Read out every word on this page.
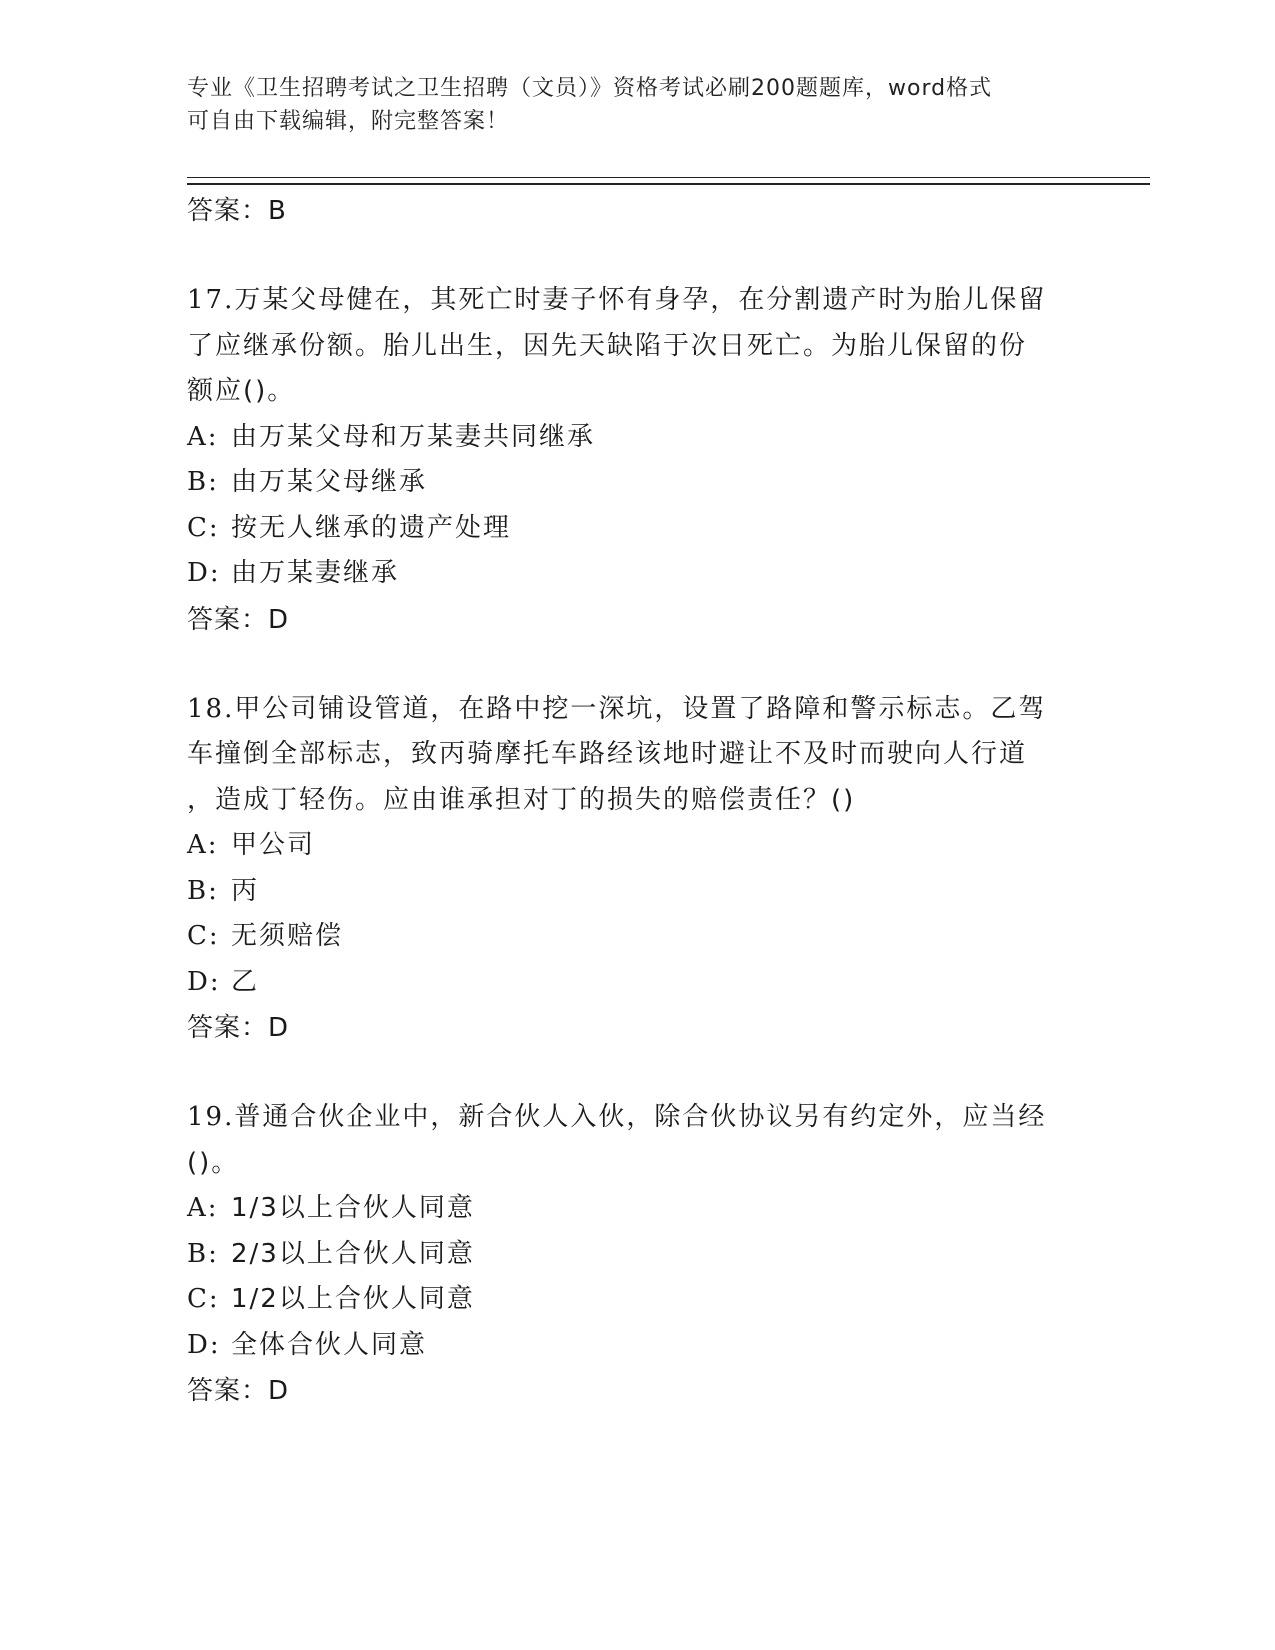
专业《卫生招聘考试之卫生招聘（文员）》资格考试必刷200题题库，word格式
可自由下载编辑，附完整答案！
答案：B
17.万某父母健在，其死亡时妻子怀有身孕，在分割遗产时为胎儿保留
了应继承份额。胎儿出生，因先天缺陷于次日死亡。为胎儿保留的份
额应()。
A: 由万某父母和万某妻共同继承
B: 由万某父母继承
C: 按无人继承的遗产处理
D: 由万某妻继承
答案：D
18.甲公司铺设管道，在路中挖一深坑，设置了路障和警示标志。乙驾
车撞倒全部标志，致丙骑摩托车路经该地时避让不及时而驶向人行道
，造成丁轻伤。应由谁承担对丁的损失的赔偿责任？()
A: 甲公司
B: 丙
C: 无须赔偿
D: 乙
答案：D
19.普通合伙企业中，新合伙人入伙，除合伙协议另有约定外，应当经
()。
A: 1/3以上合伙人同意
B: 2/3以上合伙人同意
C: 1/2以上合伙人同意
D: 全体合伙人同意
答案：D
